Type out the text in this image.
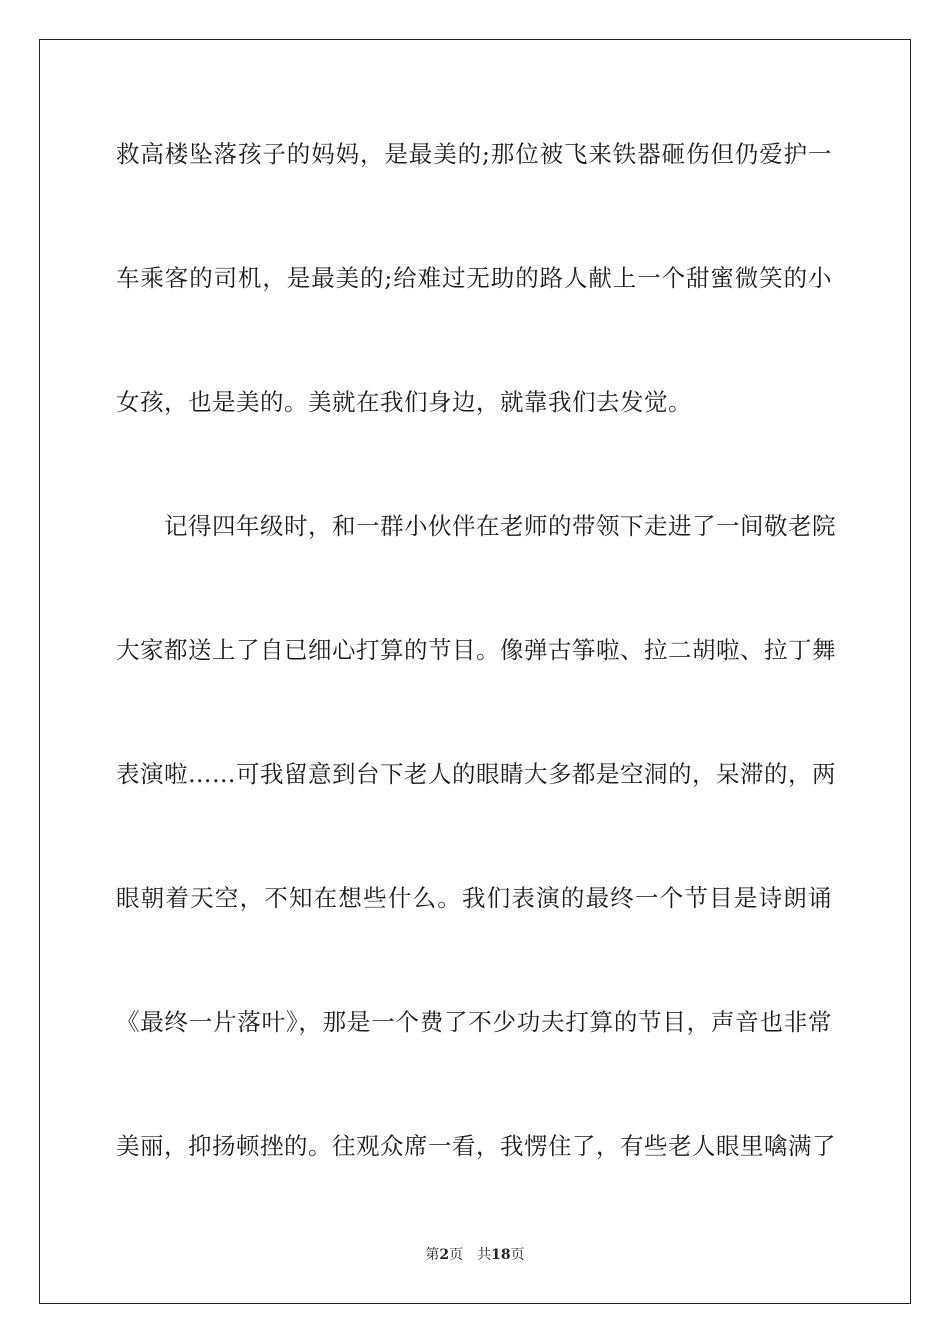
救高楼坠落孩子的妈妈，是最美的;那位被飞来铁器砸伤但仍爱护一
车乘客的司机，是最美的;给难过无助的路人献上一个甜蜜微笑的小
女孩，也是美的。美就在我们身边，就靠我们去发觉。
记得四年级时，和一群小伙伴在老师的带领下走进了一间敬老院
大家都送上了自已细心打算的节目。像弹古筝啦、拉二胡啦、拉丁舞
表演啦……可我留意到台下老人的眼睛大多都是空洞的，呆滞的，两
眼朝着天空，不知在想些什么。我们表演的最终一个节目是诗朗诵
《最终一片落叶》，那是一个费了不少功夫打算的节目，声音也非常
美丽，抑扬顿挫的。往观众席一看，我愣住了，有些老人眼里噙满了
第2页 共18页
